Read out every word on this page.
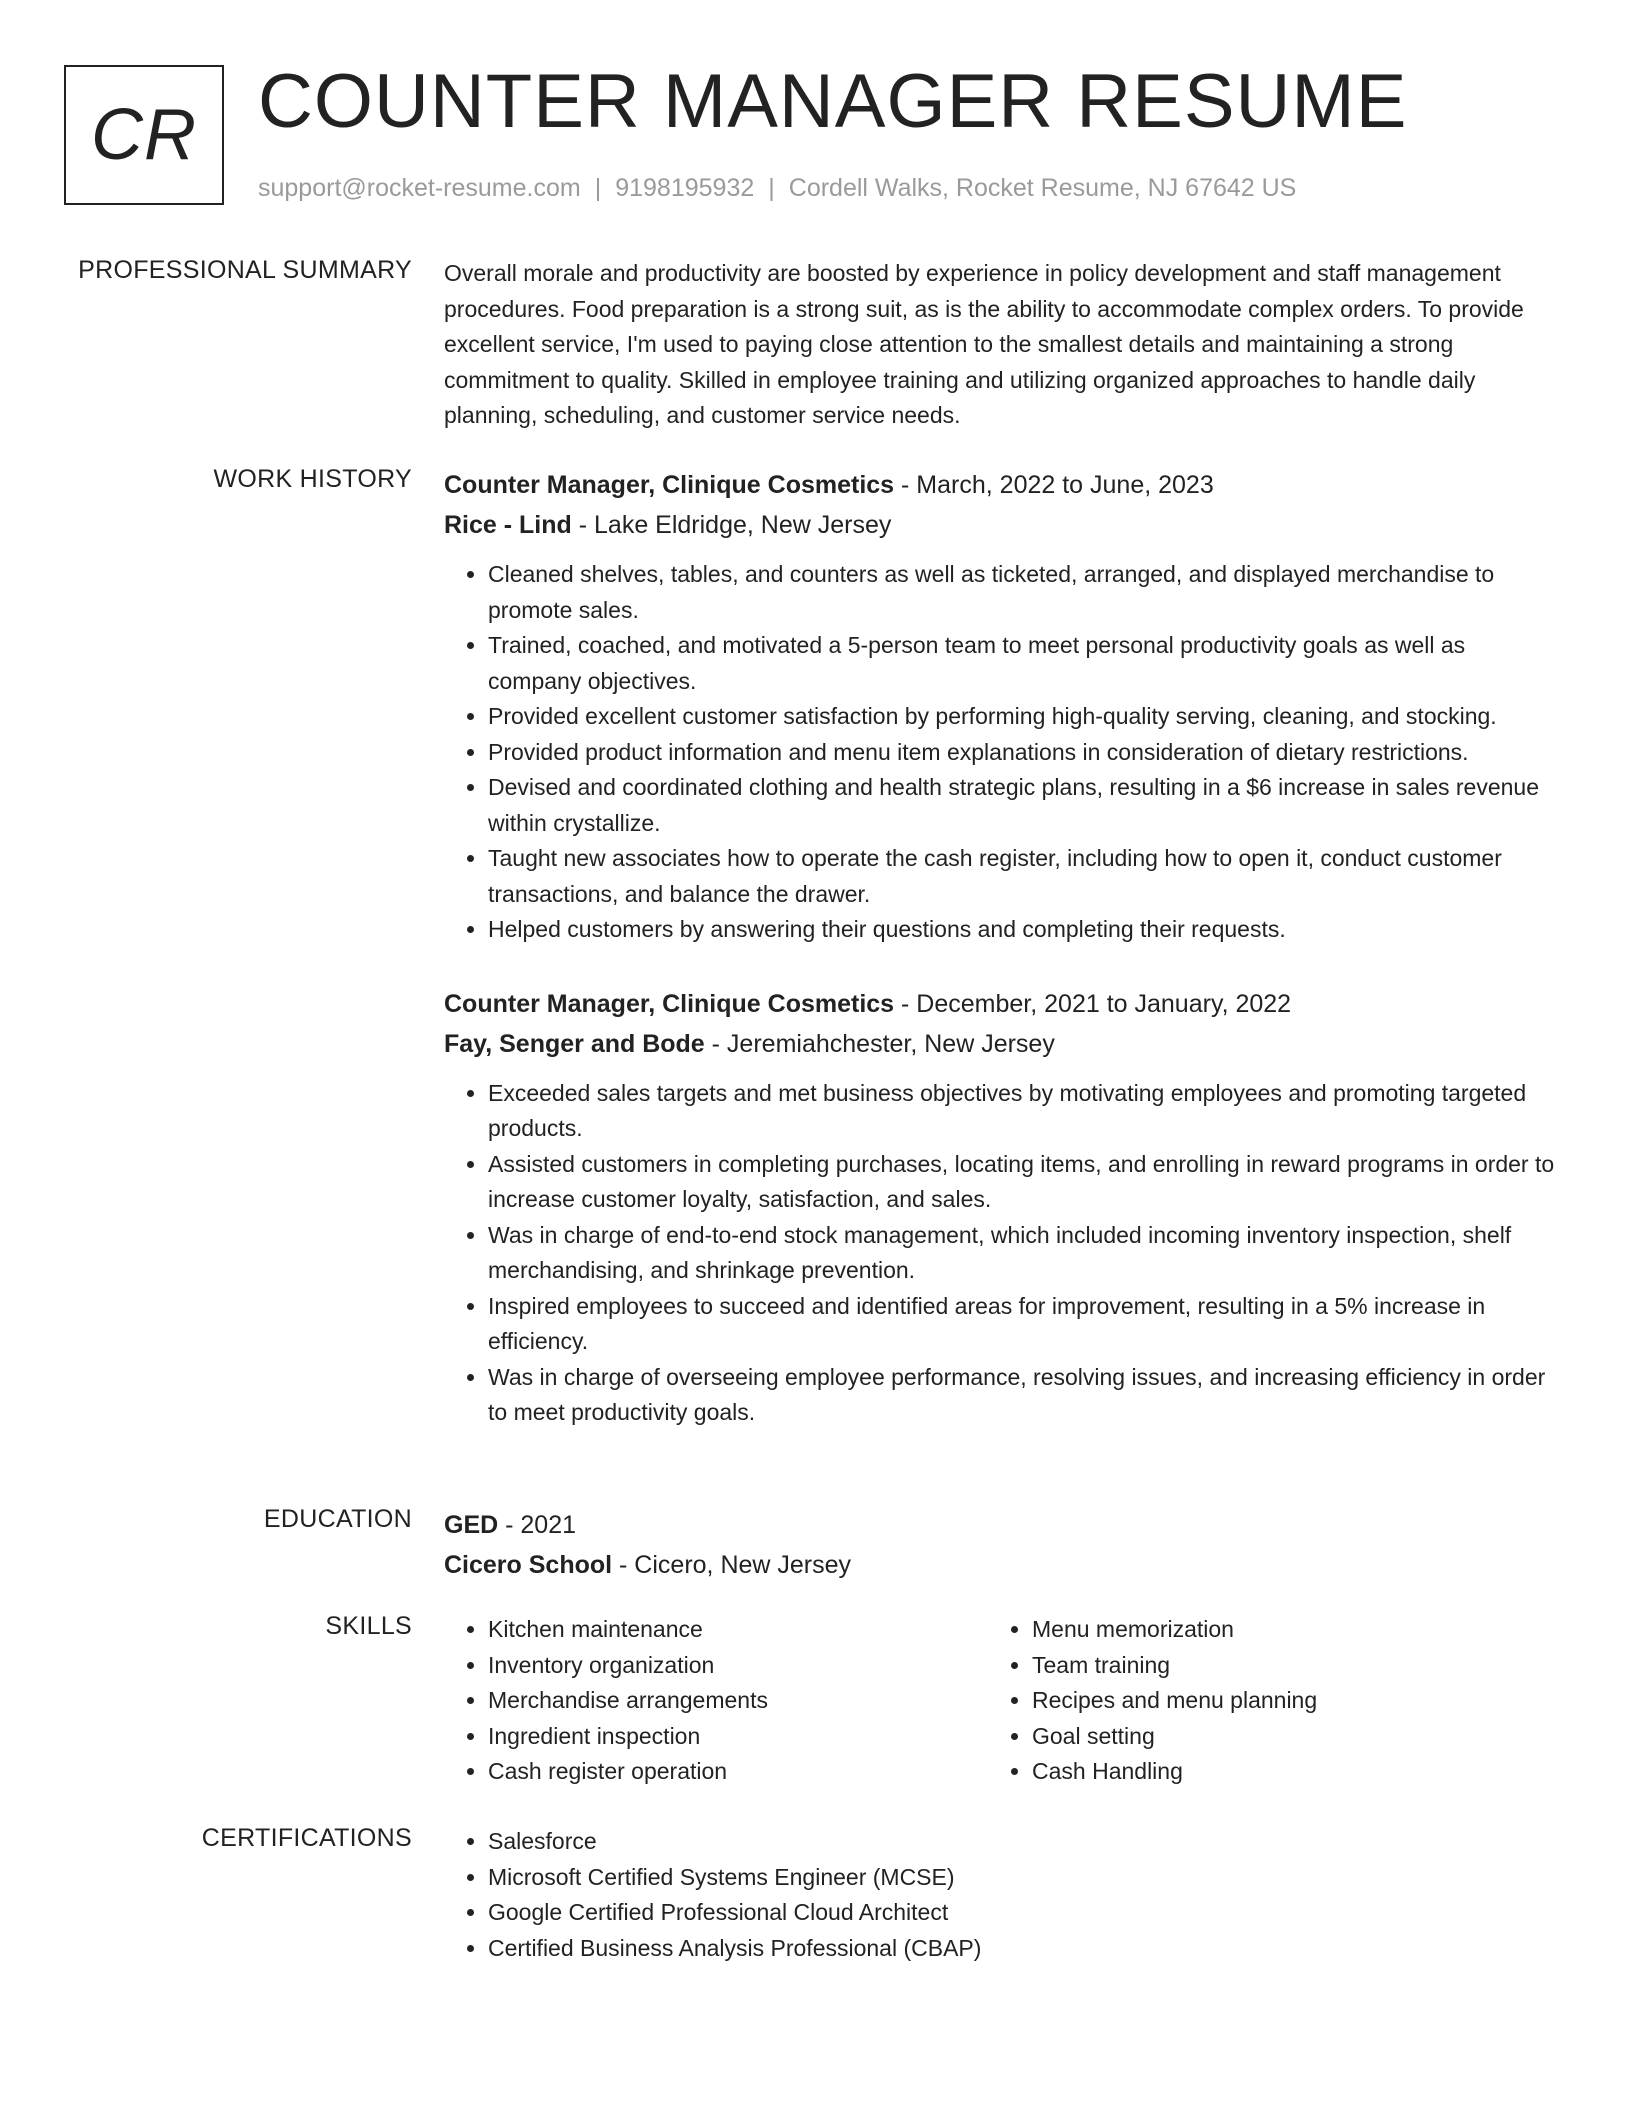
CR COUNTER MANAGER RESUME
support@rocket-resume.com | 9198195932 | Cordell Walks, Rocket Resume, NJ 67642 US
PROFESSIONAL SUMMARY Overall morale and productivity are boosted by experience in policy development and staff management procedures. Food preparation is a strong suit, as is the ability to accommodate complex orders. To provide excellent service, I'm used to paying close attention to the smallest details and maintaining a strong commitment to quality. Skilled in employee training and utilizing organized approaches to handle daily planning, scheduling, and customer service needs.

WORK HISTORY Counter Manager, Clinique Cosmetics - March, 2022 to June, 2023
Rice - Lind - Lake Eldridge, New Jersey
• Cleaned shelves, tables, and counters as well as ticketed, arranged, and displayed merchandise to promote sales.
• Trained, coached, and motivated a 5-person team to meet personal productivity goals as well as company objectives.
• Provided excellent customer satisfaction by performing high-quality serving, cleaning, and stocking.
• Provided product information and menu item explanations in consideration of dietary restrictions.
• Devised and coordinated clothing and health strategic plans, resulting in a $6 increase in sales revenue within crystallize.
• Taught new associates how to operate the cash register, including how to open it, conduct customer transactions, and balance the drawer.
• Helped customers by answering their questions and completing their requests.
Counter Manager, Clinique Cosmetics - December, 2021 to January, 2022
Fay, Senger and Bode - Jeremiahchester, New Jersey
• Exceeded sales targets and met business objectives by motivating employees and promoting targeted products.
• Assisted customers in completing purchases, locating items, and enrolling in reward programs in order to increase customer loyalty, satisfaction, and sales.
• Was in charge of end-to-end stock management, which included incoming inventory inspection, shelf merchandising, and shrinkage prevention.
• Inspired employees to succeed and identified areas for improvement, resulting in a 5% increase in efficiency.
• Was in charge of overseeing employee performance, resolving issues, and increasing efficiency in order to meet productivity goals.
EDUCATION GED - 2021
Cicero School - Cicero, New Jersey
SKILLS	• Kitchen maintenance
• Inventory organization
• Merchandise arrangements
• Ingredient inspection
• Cash register operation
• Menu memorization
• Team training
• Recipes and menu planning
• Goal setting
• Cash Handling
CERTIFICATIONS	• Salesforce
• Microsoft Certified Systems Engineer (MCSE)
• Google Certified Professional Cloud Architect
• Certified Business Analysis Professional (CBAP)
